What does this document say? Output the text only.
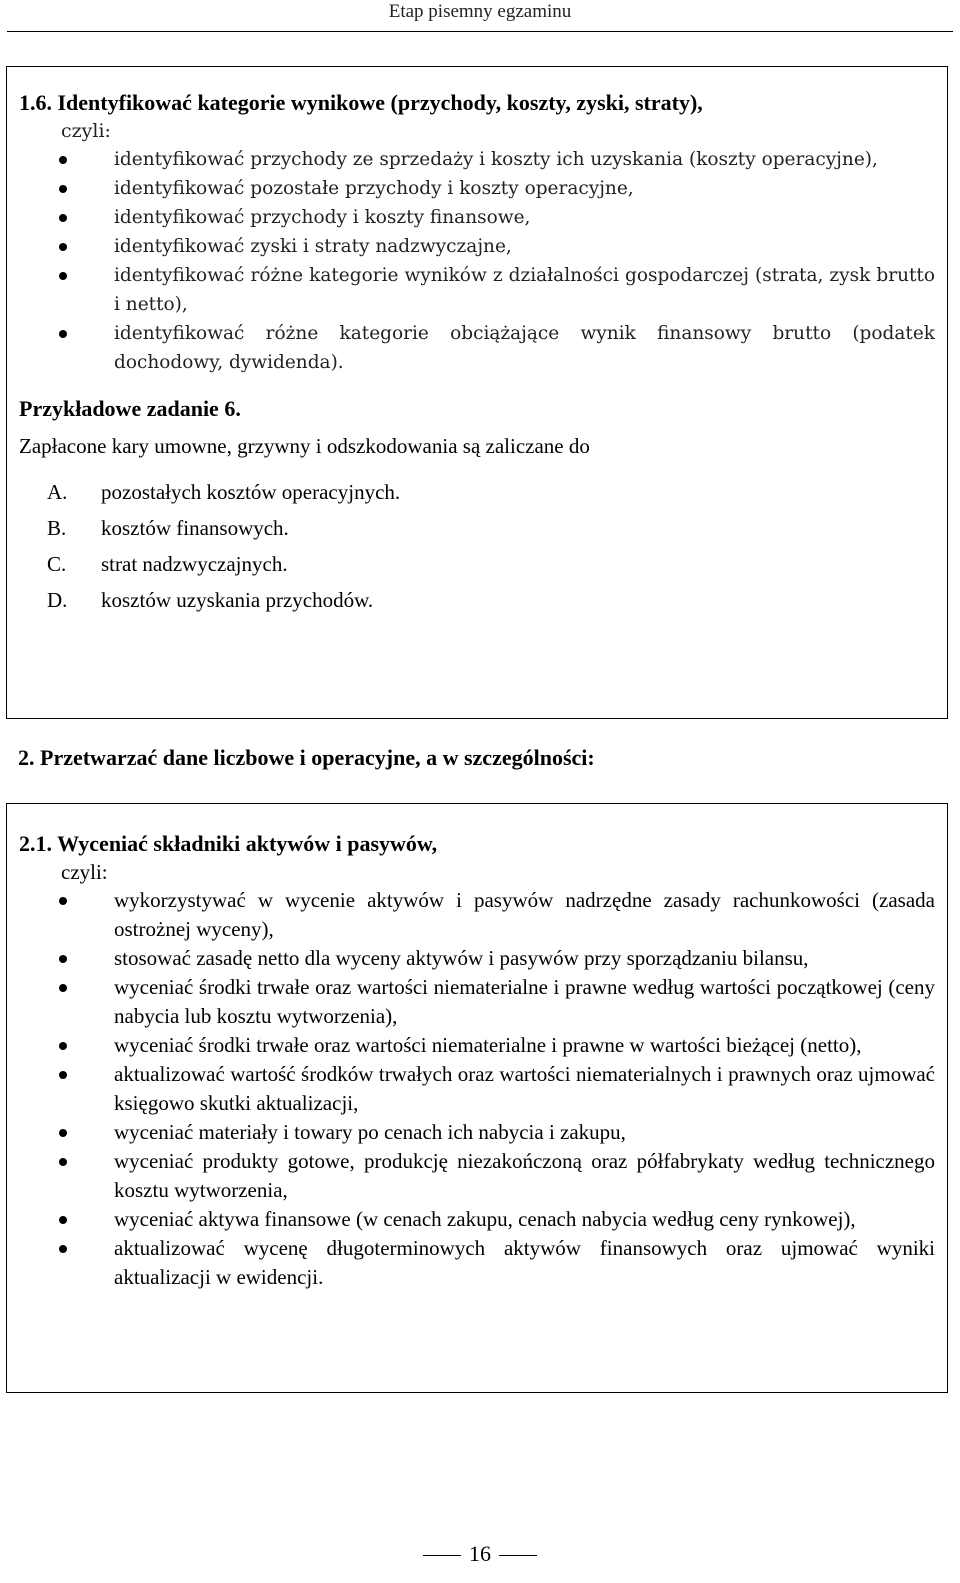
Etap pisemny egzaminu
1.6. Identyfikować kategorie wynikowe (przychody, koszty, zyski, straty),
czyli:
identyfikować przychody ze sprzedaży i koszty ich uzyskania (koszty operacyjne),
identyfikować pozostałe przychody i koszty operacyjne,
identyfikować przychody i koszty finansowe,
identyfikować zyski i straty nadzwyczajne,
identyfikować różne kategorie wyników z działalności gospodarczej (strata, zysk brutto i netto),
identyfikować różne kategorie obciążające wynik finansowy brutto (podatek dochodowy, dywidenda).
Przykładowe zadanie 6.
Zapłacone kary umowne, grzywny i odszkodowania są zaliczane do
A.	pozostałych kosztów operacyjnych.
B.	kosztów finansowych.
C.	strat nadzwyczajnych.
D.	kosztów uzyskania przychodów.
2. Przetwarzać dane liczbowe i operacyjne, a w szczególności:
2.1. Wyceniać składniki aktywów i pasywów,
czyli:
wykorzystywać w wycenie aktywów i pasywów nadrzędne zasady rachunkowości (zasada ostrożnej wyceny),
stosować zasadę netto dla wyceny aktywów i pasywów przy sporządzaniu bilansu,
wyceniać środki trwałe oraz wartości niematerialne i prawne według wartości początkowej (ceny nabycia lub kosztu wytworzenia),
wyceniać środki trwałe oraz wartości niematerialne i prawne w wartości bieżącej (netto),
aktualizować wartość środków trwałych oraz wartości niematerialnych i prawnych oraz ujmować księgowo skutki aktualizacji,
wyceniać materiały i towary po cenach ich nabycia i zakupu,
wyceniać produkty gotowe, produkcję niezakończoną oraz półfabrykaty według technicznego kosztu wytworzenia,
wyceniać aktywa finansowe (w cenach zakupu, cenach nabycia według ceny rynkowej),
aktualizować wycenę długoterminowych aktywów finansowych oraz ujmować wyniki aktualizacji w ewidencji.
16
